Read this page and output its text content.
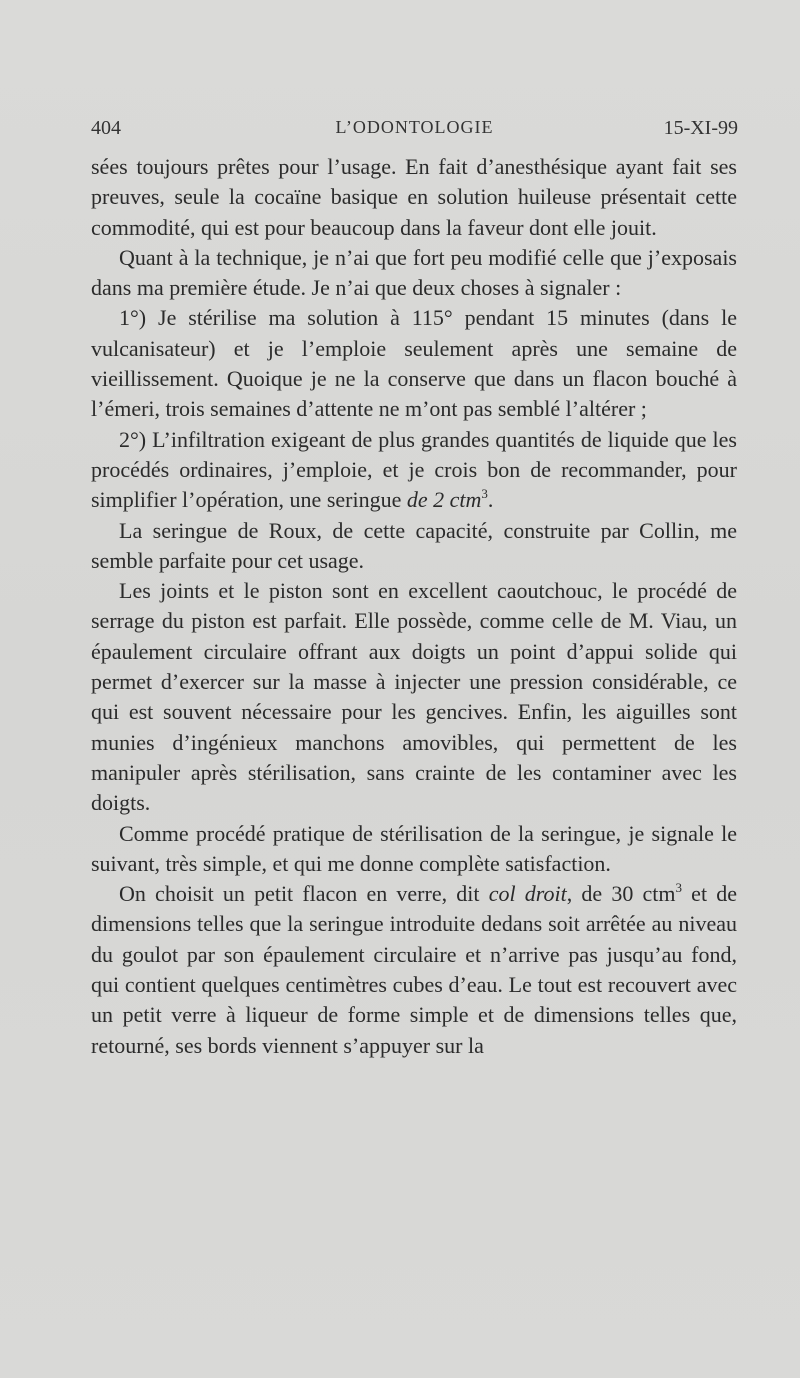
404	L’ODONTOLOGIE	15-XI-99

sées toujours prêtes pour l’usage. En fait d’anesthésique ayant fait ses preuves, seule la cocaïne basique en solution huileuse présentait cette commodité, qui est pour beaucoup dans la faveur dont elle jouit.

Quant à la technique, je n’ai que fort peu modifié celle que j’exposais dans ma première étude. Je n’ai que deux choses à signaler :

1°) Je stérilise ma solution à 115° pendant 15 minutes (dans le vulcanisateur) et je l’emploie seulement après une semaine de vieillissement. Quoique je ne la conserve que dans un flacon bouché à l’émeri, trois semaines d’attente ne m’ont pas semblé l’altérer ;

2°) L’infiltration exigeant de plus grandes quantités de liquide que les procédés ordinaires, j’emploie, et je crois bon de recommander, pour simplifier l’opération, une seringue de 2 ctm$^3$.

La seringue de Roux, de cette capacité, construite par Collin, me semble parfaite pour cet usage.

Les joints et le piston sont en excellent caoutchouc, le procédé de serrage du piston est parfait. Elle possède, comme celle de M. Viau, un épaulement circulaire offrant aux doigts un point d’appui solide qui permet d’exercer sur la masse à injecter une pression considérable, ce qui est souvent nécessaire pour les gencives. Enfin, les aiguilles sont munies d’ingénieux manchons amovibles, qui permettent de les manipuler après stérilisation, sans crainte de les contaminer avec les doigts.

Comme procédé pratique de stérilisation de la seringue, je signale le suivant, très simple, et qui me donne complète satisfaction.

On choisit un petit flacon en verre, dit col droit, de 30 ctm$^3$ et de dimensions telles que la seringue introduite dedans soit arrêtée au niveau du goulot par son épaulement circulaire et n’arrive pas jusqu’au fond, qui contient quelques centimètres cubes d’eau. Le tout est recouvert avec un petit verre à liqueur de forme simple et de dimensions telles que, retourné, ses bords viennent s’appuyer sur la
